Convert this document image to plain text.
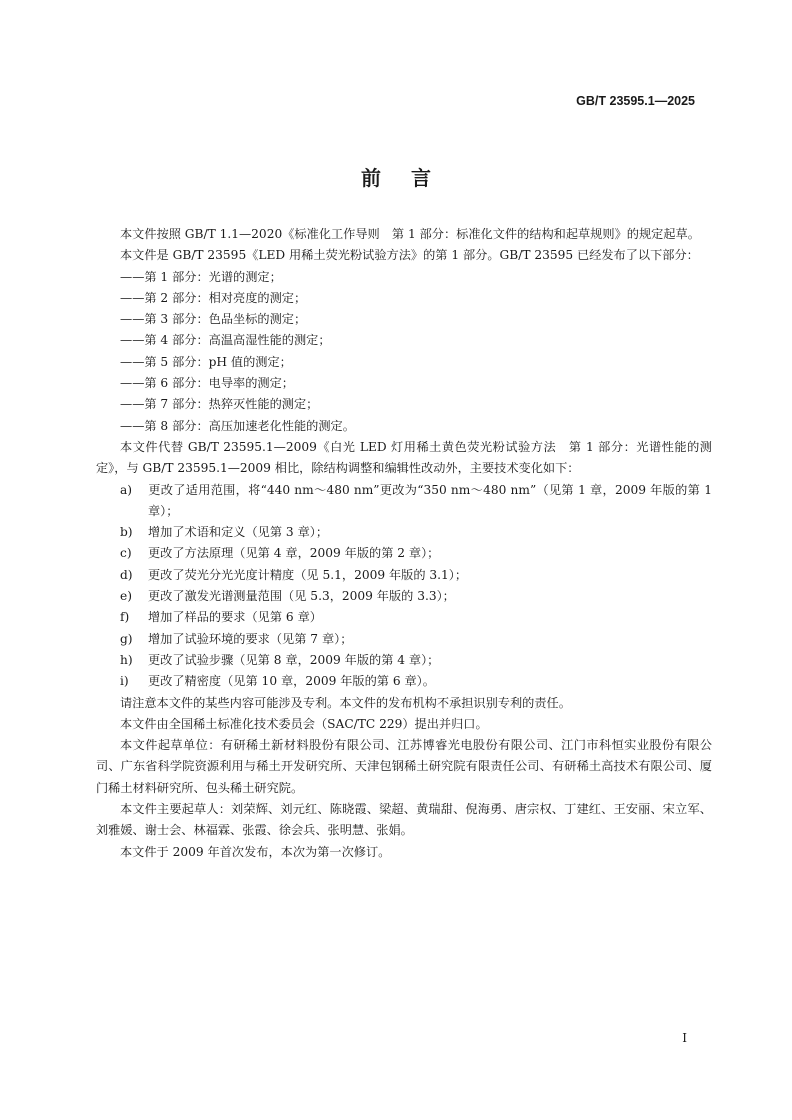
GB/T 23595.1—2025
前言

本文件按照 GB/T 1.1—2020《标准化工作导则　第 1 部分：标准化文件的结构和起草规则》的规定起草。

本文件是 GB/T 23595《LED 用稀土荧光粉试验方法》的第 1 部分。GB/T 23595 已经发布了以下部分：

——第 1 部分：光谱的测定；

——第 2 部分：相对亮度的测定；

——第 3 部分：色品坐标的测定；

——第 4 部分：高温高湿性能的测定；

——第 5 部分：pH 值的测定；

——第 6 部分：电导率的测定；

——第 7 部分：热猝灭性能的测定；

——第 8 部分：高压加速老化性能的测定。

本文件代替 GB/T 23595.1—2009《白光 LED 灯用稀土黄色荧光粉试验方法　第 1 部分：光谱性能的测定》，与 GB/T 23595.1—2009 相比，除结构调整和编辑性改动外，主要技术变化如下：

a) 更改了适用范围，将“440 nm～480 nm”更改为“350 nm～480 nm”（见第 1 章，2009 年版的第 1 章）；

b) 增加了术语和定义（见第 3 章）；

c) 更改了方法原理（见第 4 章，2009 年版的第 2 章）；

d) 更改了荧光分光光度计精度（见 5.1，2009 年版的 3.1）；

e) 更改了激发光谱测量范围（见 5.3，2009 年版的 3.3）；

f) 增加了样品的要求（见第 6 章）

g) 增加了试验环境的要求（见第 7 章）；

h) 更改了试验步骤（见第 8 章，2009 年版的第 4 章）；

i) 更改了精密度（见第 10 章，2009 年版的第 6 章）。

请注意本文件的某些内容可能涉及专利。本文件的发布机构不承担识别专利的责任。

本文件由全国稀土标准化技术委员会（SAC/TC 229）提出并归口。

本文件起草单位：有研稀土新材料股份有限公司、江苏博睿光电股份有限公司、江门市科恒实业股份有限公司、广东省科学院资源利用与稀土开发研究所、天津包钢稀土研究院有限责任公司、有研稀土高技术有限公司、厦门稀土材料研究所、包头稀土研究院。

本文件主要起草人：刘荣辉、刘元红、陈晓霞、梁超、黄瑞甜、倪海勇、唐宗权、丁建红、王安丽、宋立军、刘雅媛、谢士会、林福霖、张霞、徐会兵、张明慧、张娟。

本文件于 2009 年首次发布，本次为第一次修订。

I
